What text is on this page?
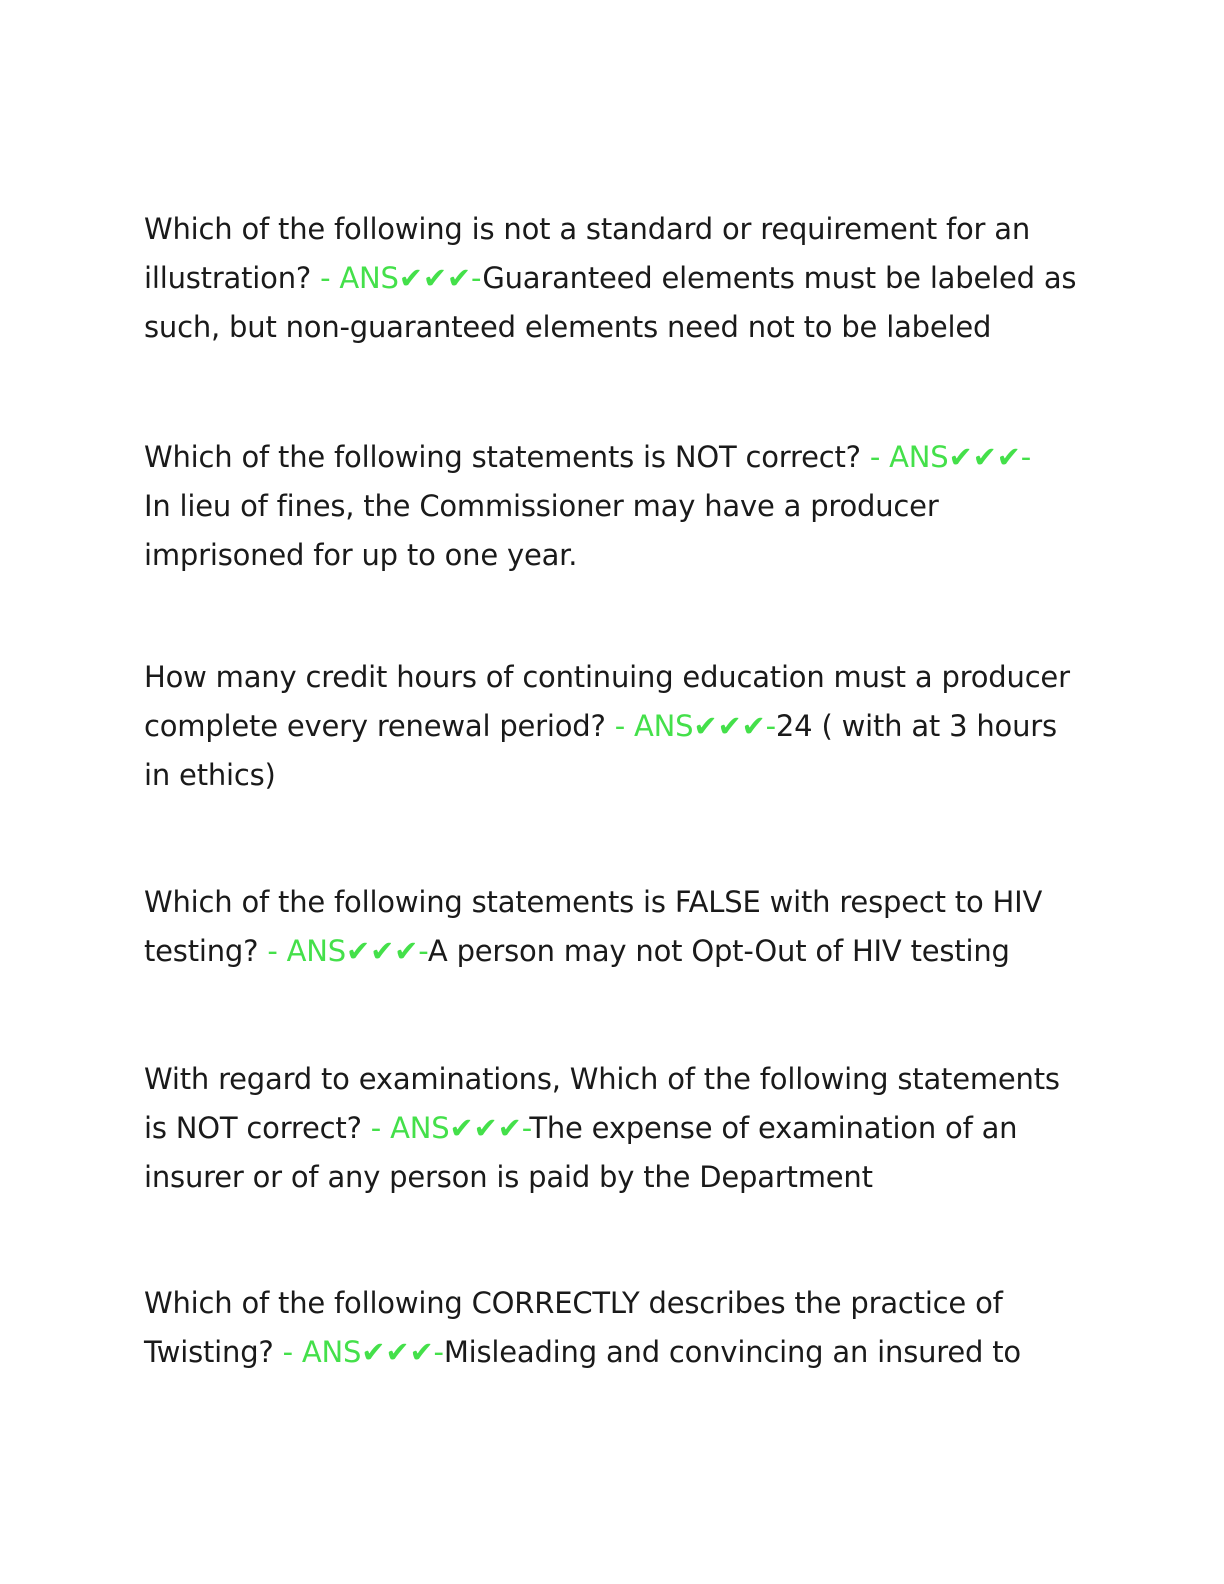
Which of the following is not a standard or requirement for an illustration? - ANS✔✔✔-Guaranteed elements must be labeled as such, but non-guaranteed elements need not to be labeled

Which of the following statements is NOT correct? - ANS✔✔✔-
In lieu of fines, the Commissioner may have a producer imprisoned for up to one year.

How many credit hours of continuing education must a producer complete every renewal period? - ANS✔✔✔-24 ( with at 3 hours in ethics)

Which of the following statements is FALSE with respect to HIV testing? - ANS✔✔✔-A person may not Opt-Out of HIV testing

With regard to examinations, Which of the following statements is NOT correct? - ANS✔✔✔-The expense of examination of an insurer or of any person is paid by the Department

Which of the following CORRECTLY describes the practice of Twisting? - ANS✔✔✔-Misleading and convincing an insured to
